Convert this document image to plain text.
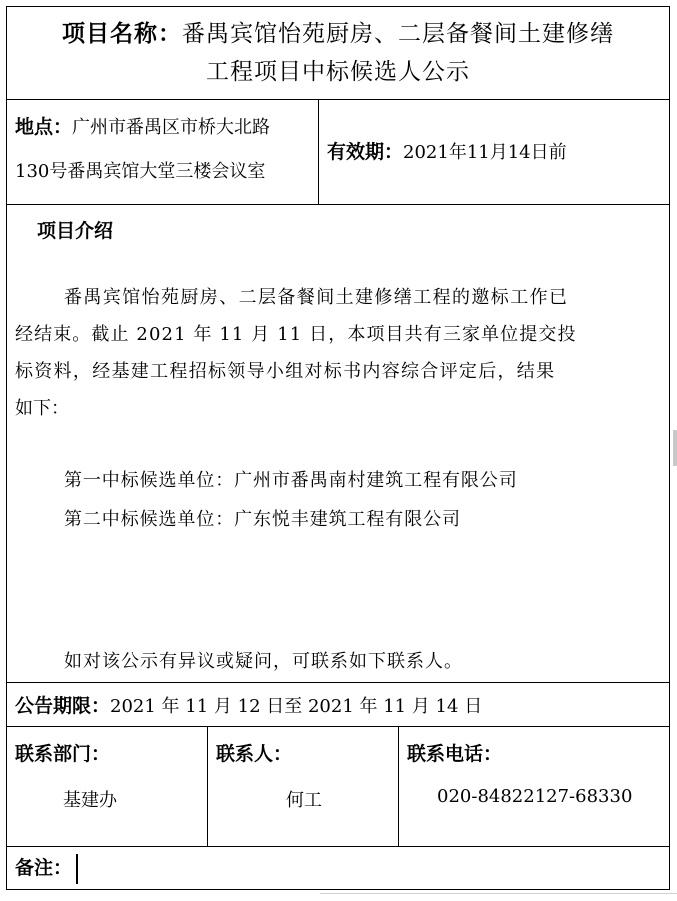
项目名称：番禺宾馆怡苑厨房、二层备餐间土建修缮
工程项目中标候选人公示
地点：广州市番禺区市桥大北路
130号番禺宾馆大堂三楼会议室
有效期：2021年11月14日前
项目介绍
番禺宾馆怡苑厨房、二层备餐间土建修缮工程的邀标工作已
经结束。截止 2021 年 11 月 11 日，本项目共有三家单位提交投
标资料，经基建工程招标领导小组对标书内容综合评定后，结果
如下：
第一中标候选单位：广州市番禺南村建筑工程有限公司
第二中标候选单位：广东悦丰建筑工程有限公司
如对该公示有异议或疑问，可联系如下联系人。
公告期限：2021 年 11 月 12 日至 2021 年 11 月 14 日
联系部门：
基建办
联系人：
何工
联系电话：
020-84822127-68330
备注：
